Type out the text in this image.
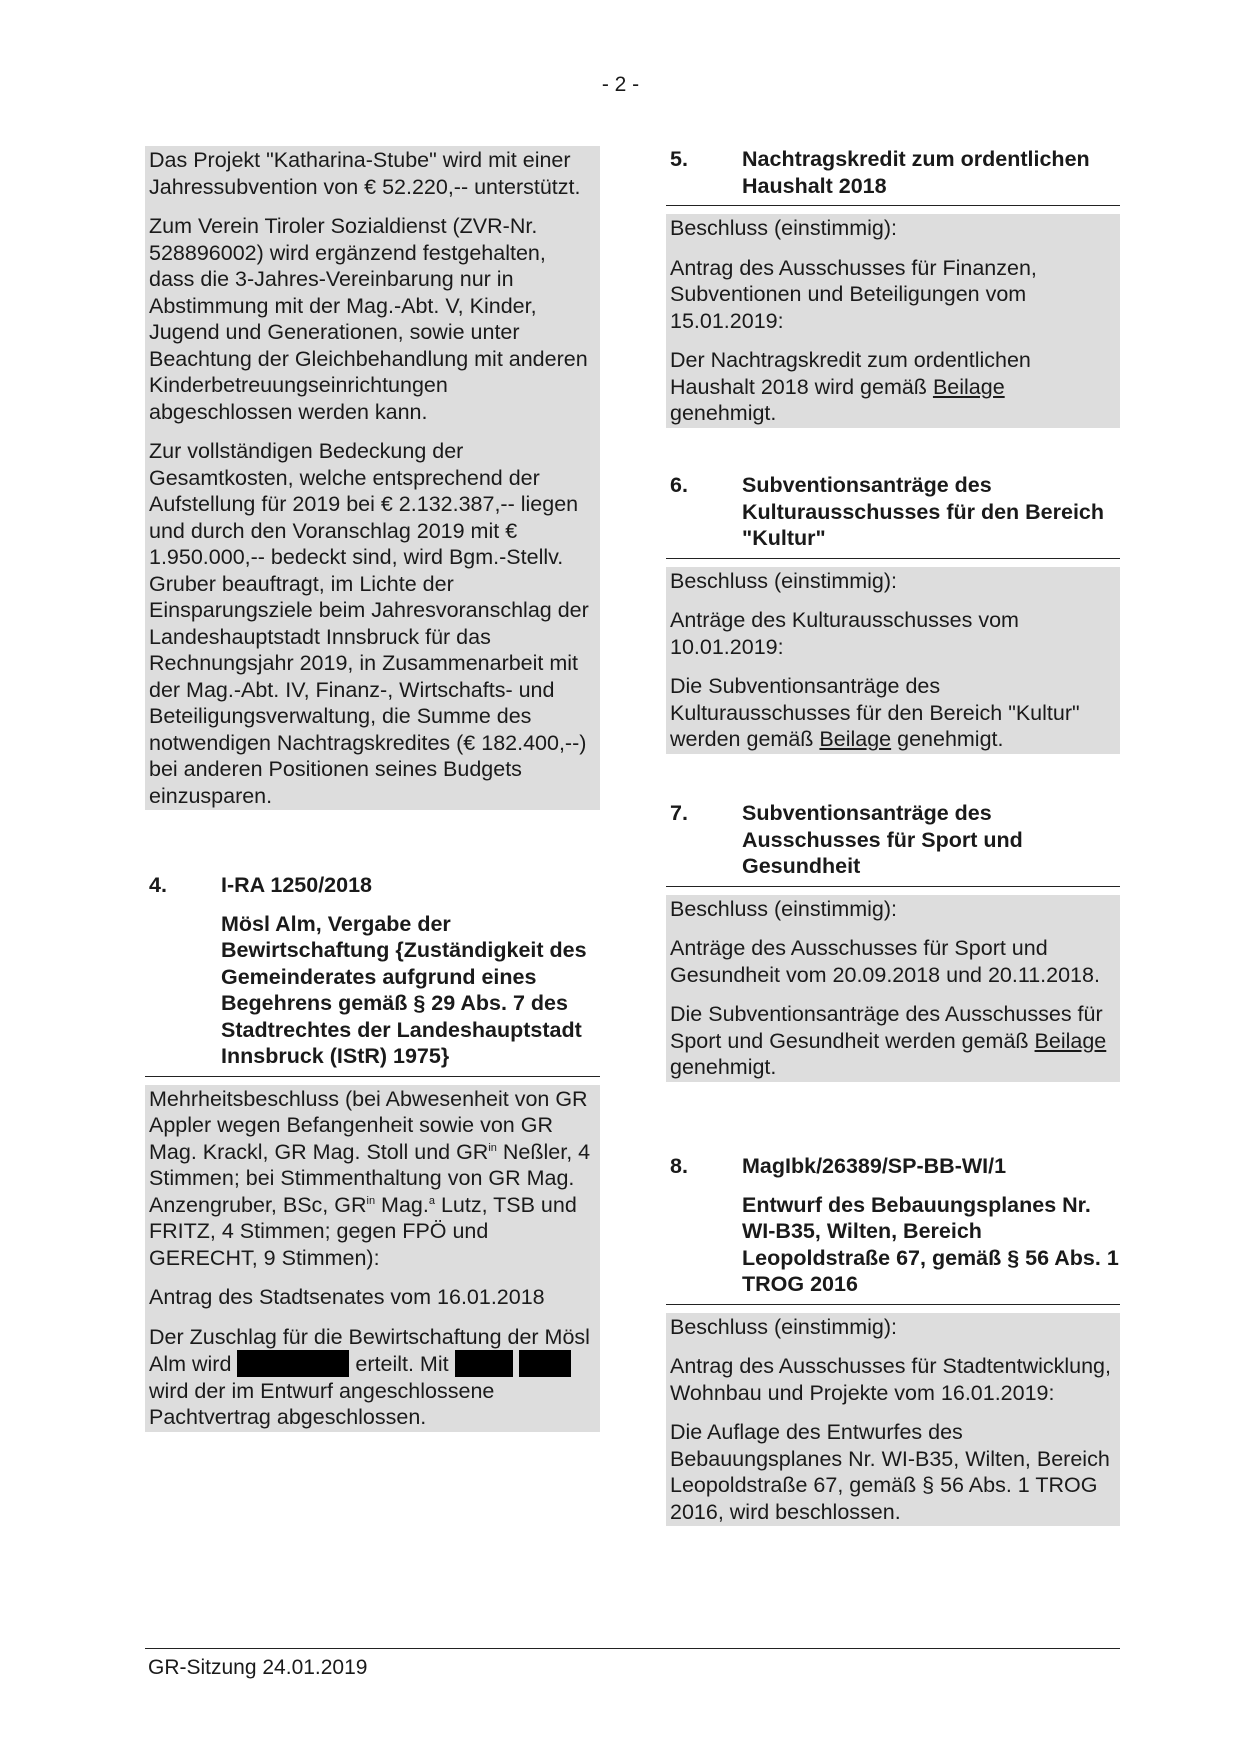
- 2 -

Das Projekt "Katharina-Stube" wird mit einer Jahressubvention von € 52.220,-- unterstützt.

Zum Verein Tiroler Sozialdienst (ZVR-Nr. 528896002) wird ergänzend festgehalten, dass die 3-Jahres-Vereinbarung nur in Abstimmung mit der Mag.-Abt. V, Kinder, Jugend und Generationen, sowie unter Beachtung der Gleichbehandlung mit anderen Kinderbetreuungseinrichtungen abgeschlossen werden kann.

Zur vollständigen Bedeckung der Gesamtkosten, welche entsprechend der Aufstellung für 2019 bei € 2.132.387,-- liegen und durch den Voranschlag 2019 mit € 1.950.000,-- bedeckt sind, wird Bgm.-Stellv. Gruber beauftragt, im Lichte der Einsparungsziele beim Jahresvoranschlag der Landeshauptstadt Innsbruck für das Rechnungsjahr 2019, in Zusammenarbeit mit der Mag.-Abt. IV, Finanz-, Wirtschafts- und Beteiligungsverwaltung, die Summe des notwendigen Nachtragskredites (€ 182.400,--) bei anderen Positionen seines Budgets einzusparen.

4.	I-RA 1250/2018
Mösl Alm, Vergabe der Bewirtschaftung {Zuständigkeit des Gemeinderates aufgrund eines Begehrens gemäß § 29 Abs. 7 des Stadtrechtes der Landeshauptstadt Innsbruck (IStR) 1975}

Mehrheitsbeschluss (bei Abwesenheit von GR Appler wegen Befangenheit sowie von GR Mag. Krackl, GR Mag. Stoll und $GR^{in}$ Neßler, 4 Stimmen; bei Stimmenthaltung von GR Mag. Anzengruber, BSc, $GR^{in}$ Mag.$^a$ Lutz, TSB und FRITZ, 4 Stimmen; gegen FPÖ und GERECHT, 9 Stimmen):

Antrag des Stadtsenates vom 16.01.2018

Der Zuschlag für die Bewirtschaftung der Mösl Alm wird	erteilt. Mit   wird der im Entwurf angeschlossene Pachtvertrag abgeschlossen.

5.	Nachtragskredit zum ordentlichen Haushalt 2018

Beschluss (einstimmig):

Antrag des Ausschusses für Finanzen, Subventionen und Beteiligungen vom 15.01.2019:

Der Nachtragskredit zum ordentlichen Haushalt 2018 wird gemäß Beilage genehmigt.

6.	Subventionsanträge des Kulturausschusses für den Bereich "Kultur"

Beschluss (einstimmig):

Anträge des Kulturausschusses vom 10.01.2019:

Die Subventionsanträge des Kulturausschusses für den Bereich "Kultur" werden gemäß Beilage genehmigt.

7.	Subventionsanträge des Ausschusses für Sport und Gesundheit

Beschluss (einstimmig):

Anträge des Ausschusses für Sport und Gesundheit vom 20.09.2018 und 20.11.2018.

Die Subventionsanträge des Ausschusses für Sport und Gesundheit werden gemäß Beilage genehmigt.

8.	MagIbk/26389/SP-BB-WI/1
Entwurf des Bebauungsplanes Nr. WI-B35, Wilten, Bereich Leopoldstraße 67, gemäß § 56 Abs. 1 TROG 2016

Beschluss (einstimmig):

Antrag des Ausschusses für Stadtentwicklung, Wohnbau und Projekte vom 16.01.2019:

Die Auflage des Entwurfes des Bebauungsplanes Nr. WI-B35, Wilten, Bereich Leopoldstraße 67, gemäß § 56 Abs. 1 TROG 2016, wird beschlossen.

GR-Sitzung 24.01.2019
